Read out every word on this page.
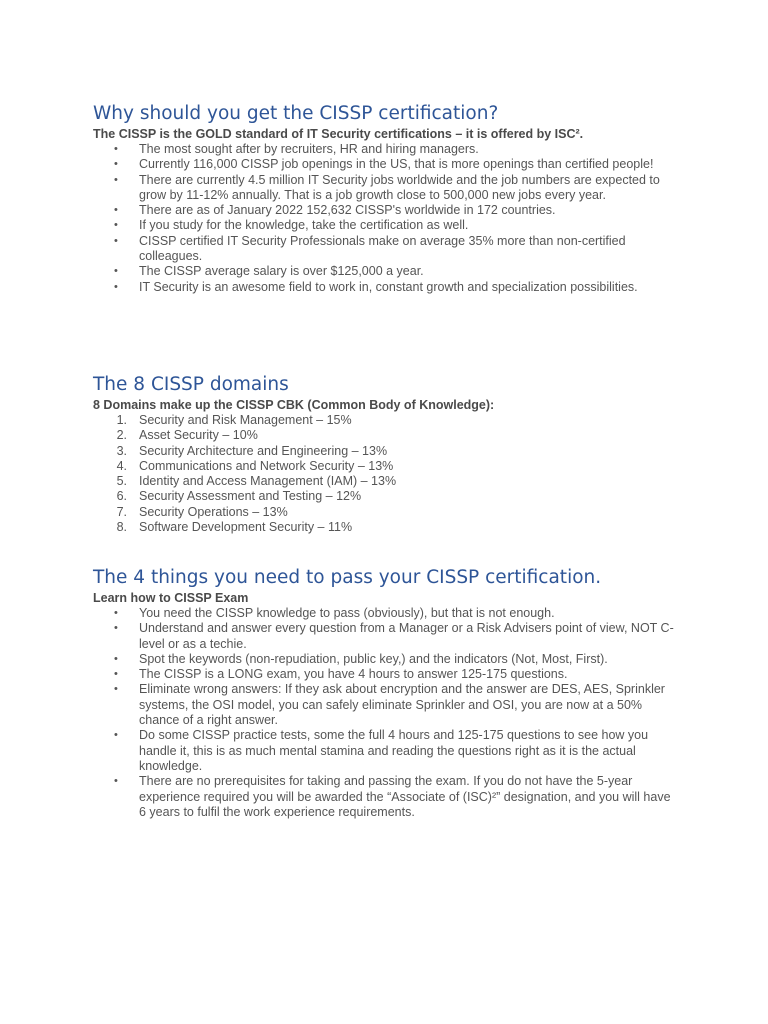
Why should you get the CISSP certification?

The CISSP is the GOLD standard of IT Security certifications – it is offered by ISC².

• The most sought after by recruiters, HR and hiring managers.
• Currently 116,000 CISSP job openings in the US, that is more openings than certified people!
• There are currently 4.5 million IT Security jobs worldwide and the job numbers are expected to grow by 11-12% annually. That is a job growth close to 500,000 new jobs every year.
• There are as of January 2022 152,632 CISSP's worldwide in 172 countries.
• If you study for the knowledge, take the certification as well.
• CISSP certified IT Security Professionals make on average 35% more than non-certified colleagues.
• The CISSP average salary is over $125,000 a year.
• IT Security is an awesome field to work in, constant growth and specialization possibilities.
The 8 CISSP domains

8 Domains make up the CISSP CBK (Common Body of Knowledge):

1. Security and Risk Management – 15%
2. Asset Security – 10%
3. Security Architecture and Engineering – 13%
4. Communications and Network Security – 13%
5. Identity and Access Management (IAM) – 13%
6. Security Assessment and Testing – 12%
7. Security Operations – 13%
8. Software Development Security – 11%
The 4 things you need to pass your CISSP certification.

Learn how to CISSP Exam

• You need the CISSP knowledge to pass (obviously), but that is not enough.
• Understand and answer every question from a Manager or a Risk Advisers point of view, NOT C-level or as a techie.
• Spot the keywords (non-repudiation, public key,) and the indicators (Not, Most, First).
• The CISSP is a LONG exam, you have 4 hours to answer 125-175 questions.
• Eliminate wrong answers: If they ask about encryption and the answer are DES, AES, Sprinkler systems, the OSI model, you can safely eliminate Sprinkler and OSI, you are now at a 50% chance of a right answer.
• Do some CISSP practice tests, some the full 4 hours and 125-175 questions to see how you handle it, this is as much mental stamina and reading the questions right as it is the actual knowledge.
• There are no prerequisites for taking and passing the exam. If you do not have the 5-year experience required you will be awarded the “Associate of (ISC)²” designation, and you will have 6 years to fulfil the work experience requirements.
